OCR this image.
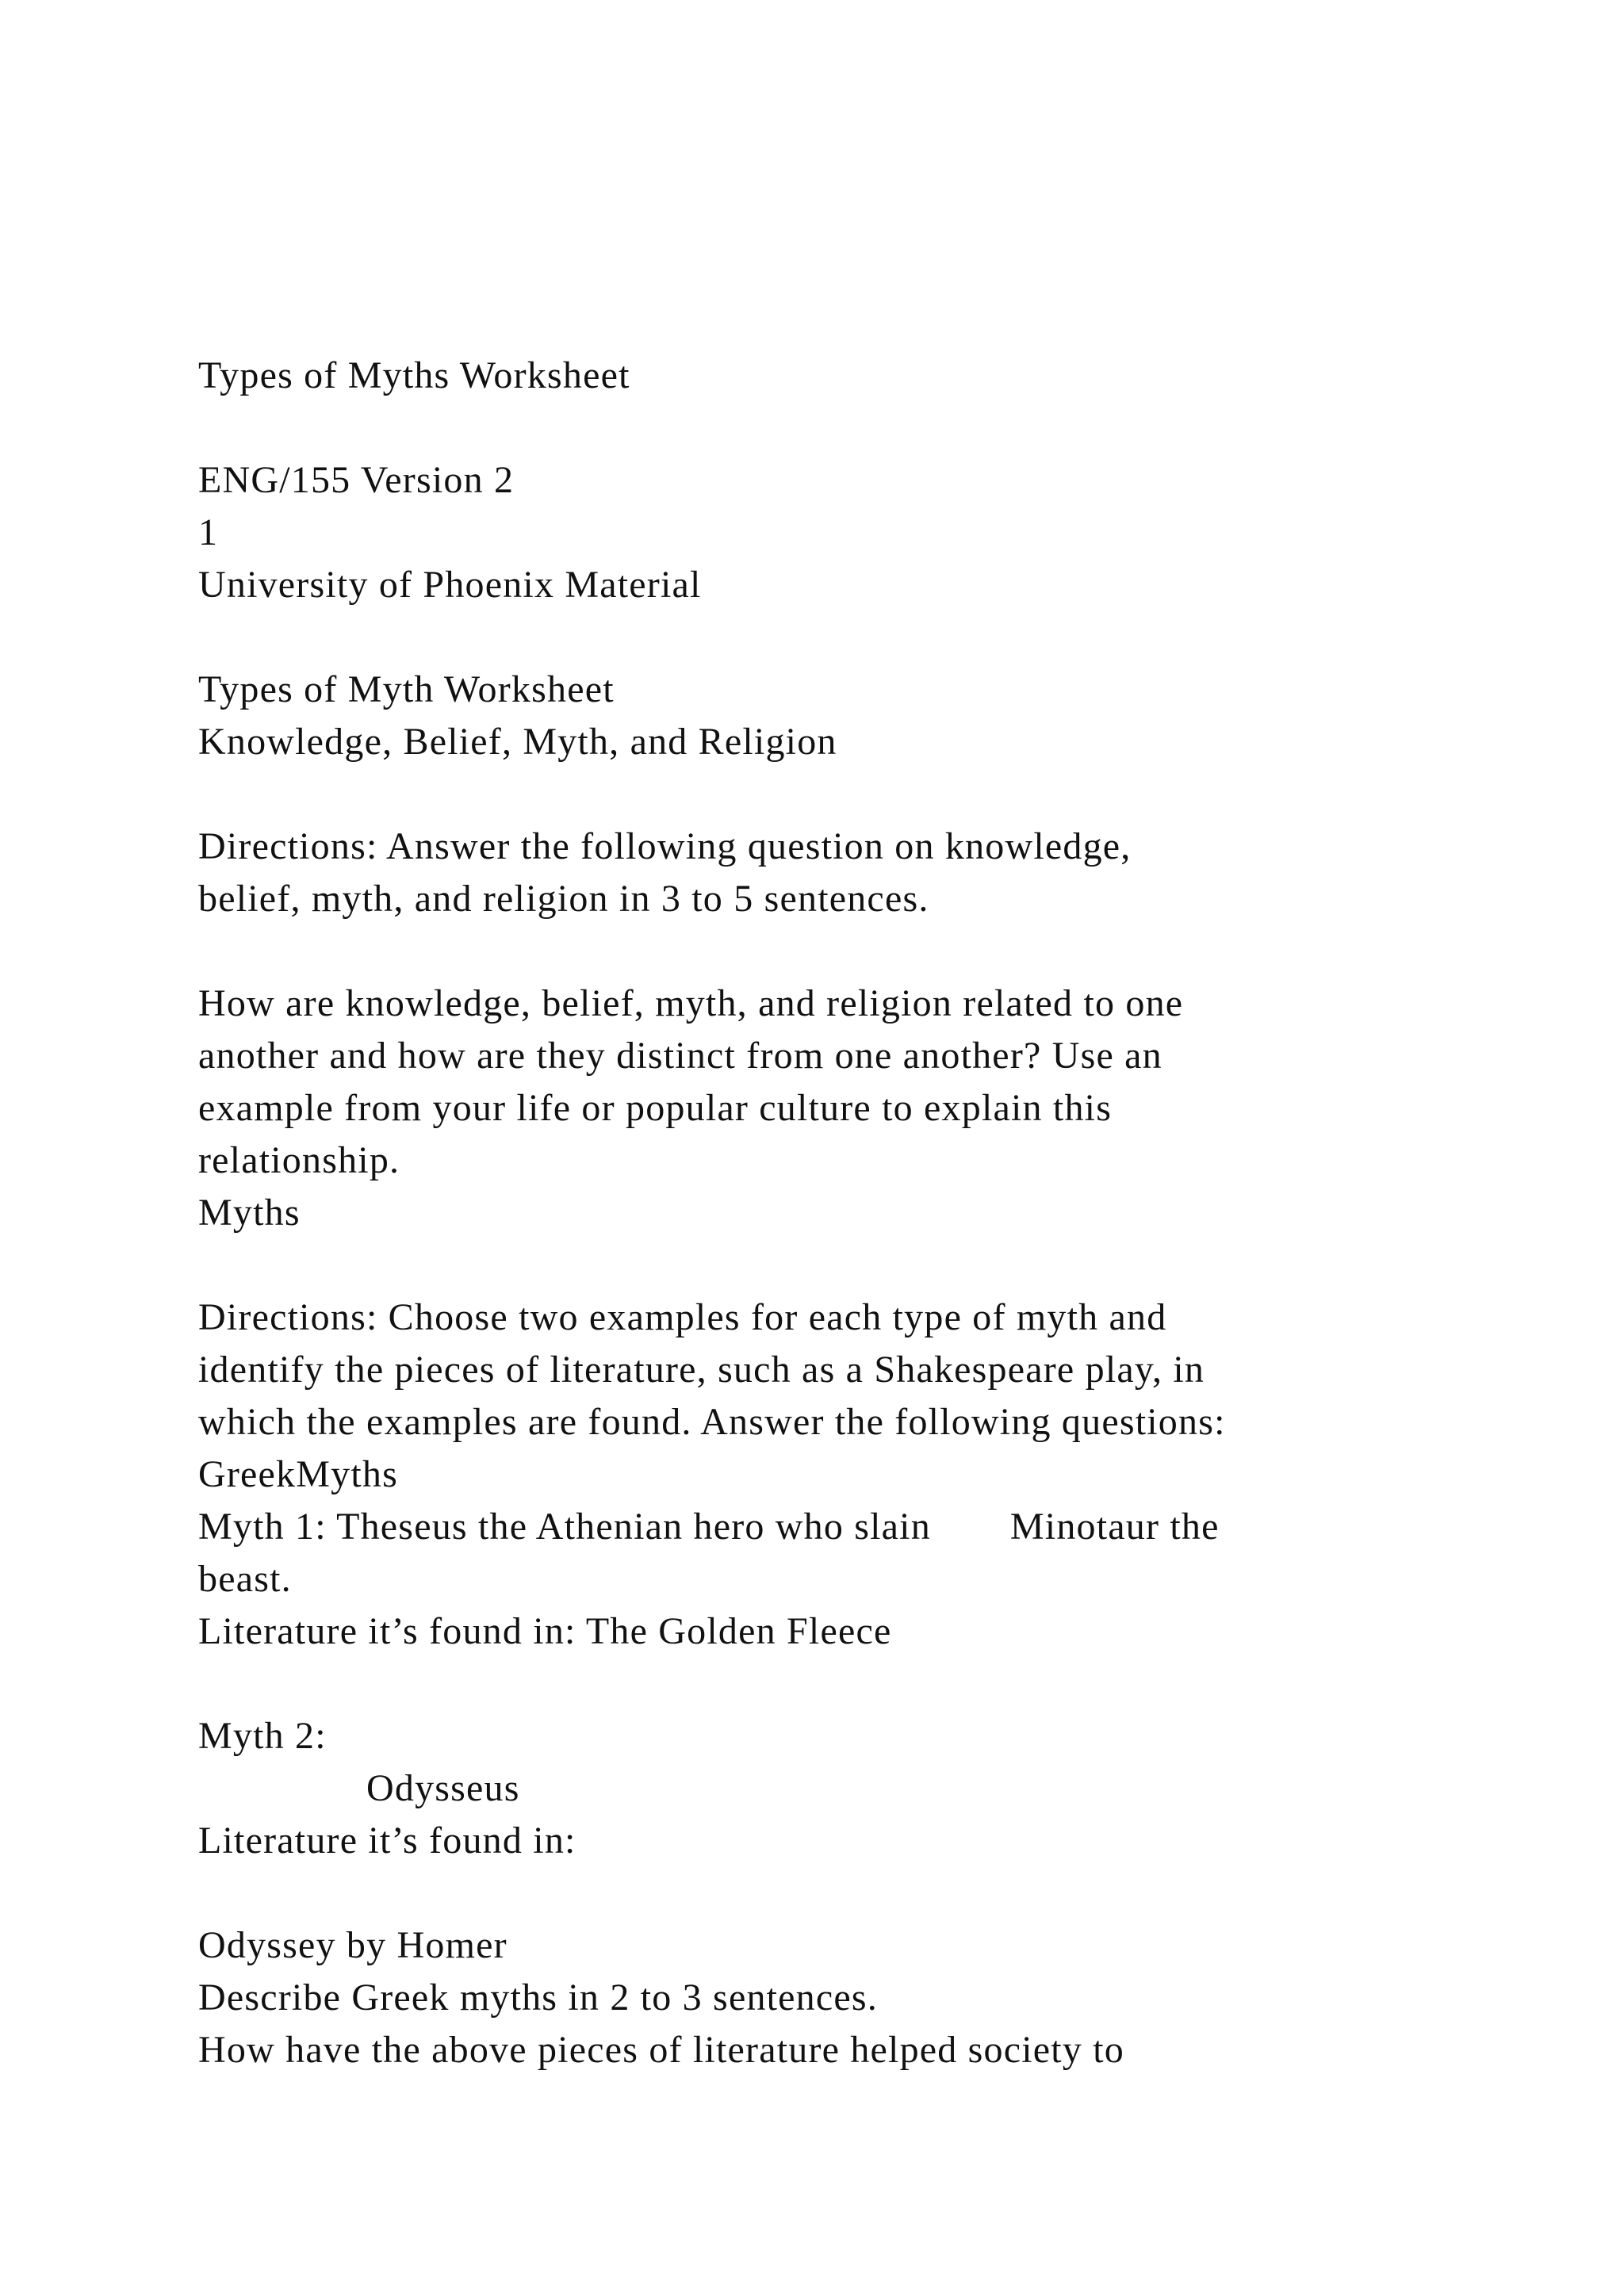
Types of Myths Worksheet

ENG/155 Version 2

1

University of Phoenix Material

Types of Myth Worksheet

Knowledge, Belief, Myth, and Religion

Directions: Answer the following question on knowledge,

belief, myth, and religion in 3 to 5 sentences.

How are knowledge, belief, myth, and religion related to one

another and how are they distinct from one another? Use an

example from your life or popular culture to explain this

relationship.

Myths

Directions: Choose two examples for each type of myth and

identify the pieces of literature, such as a Shakespeare play, in

which the examples are found. Answer the following questions:

GreekMyths

Myth 1: Theseus the Athenian hero who slain Minotaur the

beast.

Literature it’s found in: The Golden Fleece

Myth 2:

Odysseus

Literature it’s found in:

Odyssey by Homer

Describe Greek myths in 2 to 3 sentences.

How have the above pieces of literature helped society to
